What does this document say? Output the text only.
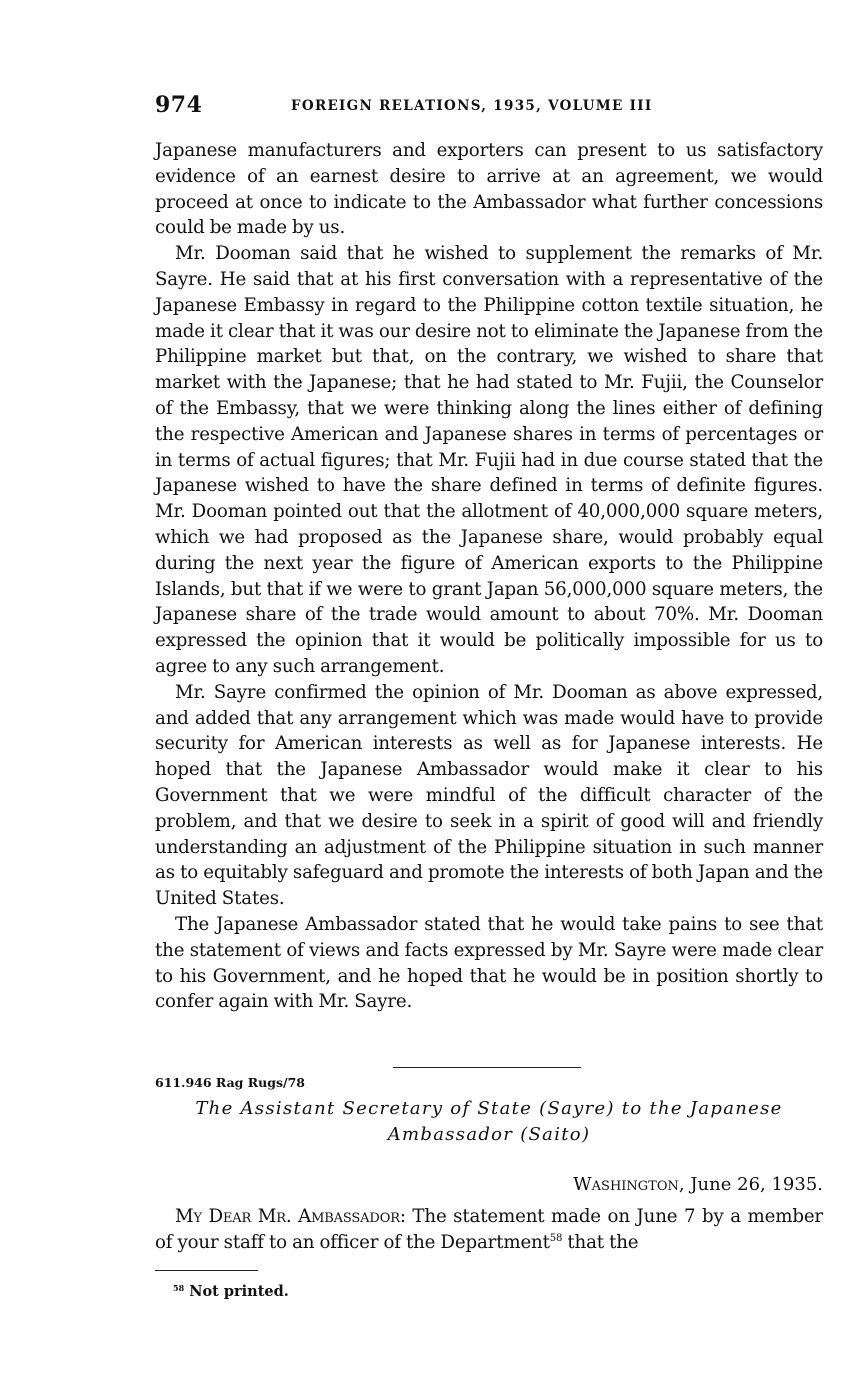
974	FOREIGN RELATIONS, 1935, VOLUME III

Japanese manufacturers and exporters can present to us satisfactory evidence of an earnest desire to arrive at an agreement, we would proceed at once to indicate to the Ambassador what further concessions could be made by us.

Mr. Dooman said that he wished to supplement the remarks of Mr. Sayre. He said that at his first conversation with a representative of the Japanese Embassy in regard to the Philippine cotton textile situation, he made it clear that it was our desire not to eliminate the Japanese from the Philippine market but that, on the contrary, we wished to share that market with the Japanese; that he had stated to Mr. Fujii, the Counselor of the Embassy, that we were thinking along the lines either of defining the respective American and Japanese shares in terms of percentages or in terms of actual figures; that Mr. Fujii had in due course stated that the Japanese wished to have the share defined in terms of definite figures. Mr. Dooman pointed out that the allotment of 40,000,000 square meters, which we had proposed as the Japanese share, would probably equal during the next year the figure of American exports to the Philippine Islands, but that if we were to grant Japan 56,000,000 square meters, the Japanese share of the trade would amount to about 70%. Mr. Dooman expressed the opinion that it would be politically impossible for us to agree to any such arrangement.

Mr. Sayre confirmed the opinion of Mr. Dooman as above expressed, and added that any arrangement which was made would have to provide security for American interests as well as for Japanese interests. He hoped that the Japanese Ambassador would make it clear to his Government that we were mindful of the difficult character of the problem, and that we desire to seek in a spirit of good will and friendly understanding an adjustment of the Philippine situation in such manner as to equitably safeguard and promote the interests of both Japan and the United States.

The Japanese Ambassador stated that he would take pains to see that the statement of views and facts expressed by Mr. Sayre were made clear to his Government, and he hoped that he would be in position shortly to confer again with Mr. Sayre.

611.946 Rag Rugs/78
The Assistant Secretary of State (Sayre) to the Japanese
Ambassador (Saito)
Washington, June 26, 1935.

My Dear Mr. Ambassador: The statement made on June 7 by a member of your staff to an officer of the Department$^{58}$ that the

$^{58}$ Not printed.
